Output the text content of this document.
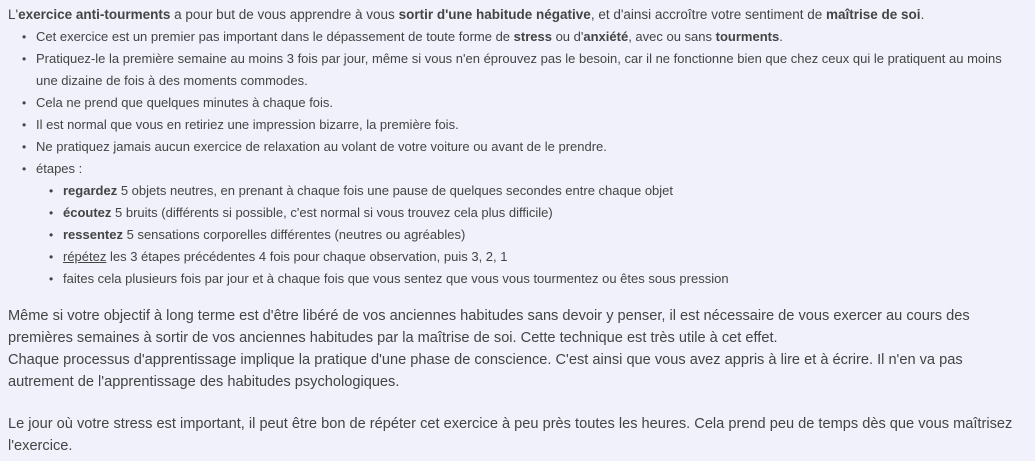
L'exercice anti-tourments a pour but de vous apprendre à vous sortir d'une habitude négative, et d'ainsi accroître votre sentiment de maîtrise de soi.

• Cet exercice est un premier pas important dans le dépassement de toute forme de stress ou d'anxiété, avec ou sans tourments.
• Pratiquez-le la première semaine au moins 3 fois par jour, même si vous n'en éprouvez pas le besoin, car il ne fonctionne bien que chez ceux qui le pratiquent au moins une dizaine de fois à des moments commodes.
• Cela ne prend que quelques minutes à chaque fois.
• Il est normal que vous en retiriez une impression bizarre, la première fois.
• Ne pratiquez jamais aucun exercice de relaxation au volant de votre voiture ou avant de le prendre.
• étapes :
• regardez 5 objets neutres, en prenant à chaque fois une pause de quelques secondes entre chaque objet
• écoutez 5 bruits (différents si possible, c'est normal si vous trouvez cela plus difficile)
• ressentez 5 sensations corporelles différentes (neutres ou agréables)
• répétez les 3 étapes précédentes 4 fois pour chaque observation, puis 3, 2, 1
• faites cela plusieurs fois par jour et à chaque fois que vous sentez que vous vous tourmentez ou êtes sous pression

Même si votre objectif à long terme est d'être libéré de vos anciennes habitudes sans devoir y penser, il est nécessaire de vous exercer au cours des premières semaines à sortir de vos anciennes habitudes par la maîtrise de soi. Cette technique est très utile à cet effet.

Chaque processus d'apprentissage implique la pratique d'une phase de conscience. C'est ainsi que vous avez appris à lire et à écrire. Il n'en va pas autrement de l'apprentissage des habitudes psychologiques.

Le jour où votre stress est important, il peut être bon de répéter cet exercice à peu près toutes les heures. Cela prend peu de temps dès que vous maîtrisez l'exercice.
